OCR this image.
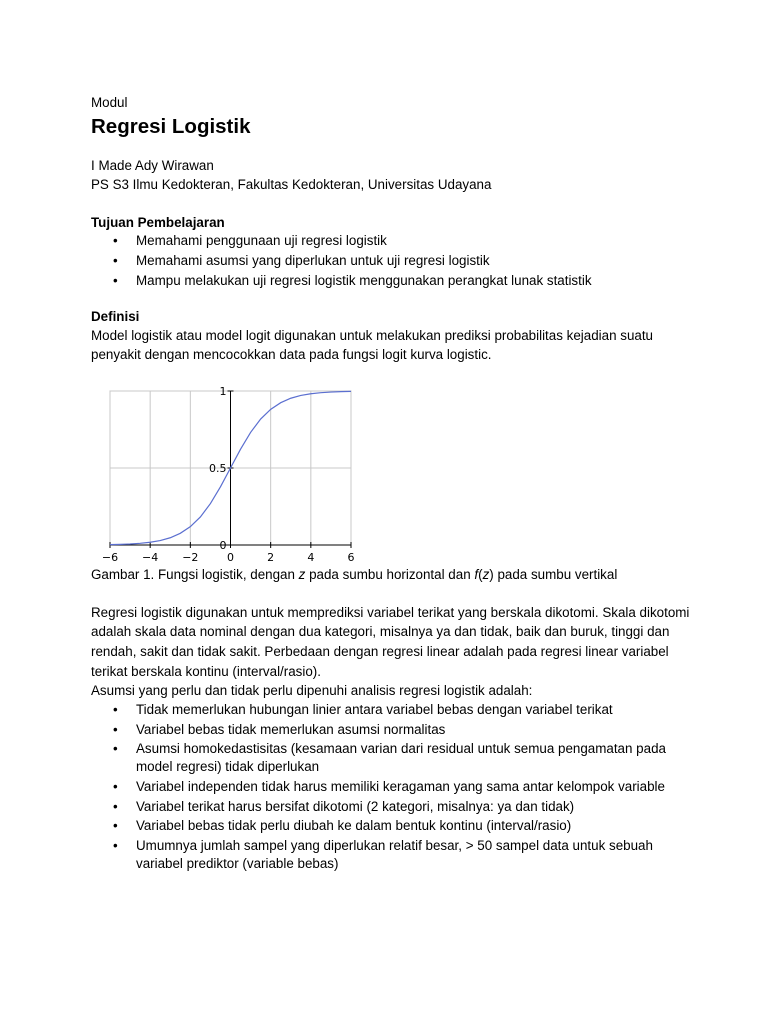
Modul
Regresi Logistik
I Made Ady Wirawan
PS S3 Ilmu Kedokteran, Fakultas Kedokteran, Universitas Udayana
Tujuan Pembelajaran
• Memahami penggunaan uji regresi logistik
• Memahami asumsi yang diperlukan untuk uji regresi logistik
• Mampu melakukan uji regresi logistik menggunakan perangkat lunak statistik
Definisi

Model logistik atau model logit digunakan untuk melakukan prediksi probabilitas kejadian suatu penyakit dengan mencocokkan data pada fungsi logit kurva logistic.

−6 −4 −2	0	2	4	6
0
0.5
1
Gambar 1. Fungsi logistik, dengan z pada sumbu horizontal dan f(z) pada sumbu vertikal

Regresi logistik digunakan untuk memprediksi variabel terikat yang berskala dikotomi. Skala dikotomi adalah skala data nominal dengan dua kategori, misalnya ya dan tidak, baik dan buruk, tinggi dan rendah, sakit dan tidak sakit. Perbedaan dengan regresi linear adalah pada regresi linear variabel terikat berskala kontinu (interval/rasio).

Asumsi yang perlu dan tidak perlu dipenuhi analisis regresi logistik adalah:

• Tidak memerlukan hubungan linier antara variabel bebas dengan variabel terikat
• Variabel bebas tidak memerlukan asumsi normalitas
• Asumsi homokedastisitas (kesamaan varian dari residual untuk semua pengamatan pada model regresi) tidak diperlukan
• Variabel independen tidak harus memiliki keragaman yang sama antar kelompok variable
• Variabel terikat harus bersifat dikotomi (2 kategori, misalnya: ya dan tidak)
• Variabel bebas tidak perlu diubah ke dalam bentuk kontinu (interval/rasio)
• Umumnya jumlah sampel yang diperlukan relatif besar, > 50 sampel data untuk sebuah variabel prediktor (variable bebas)
